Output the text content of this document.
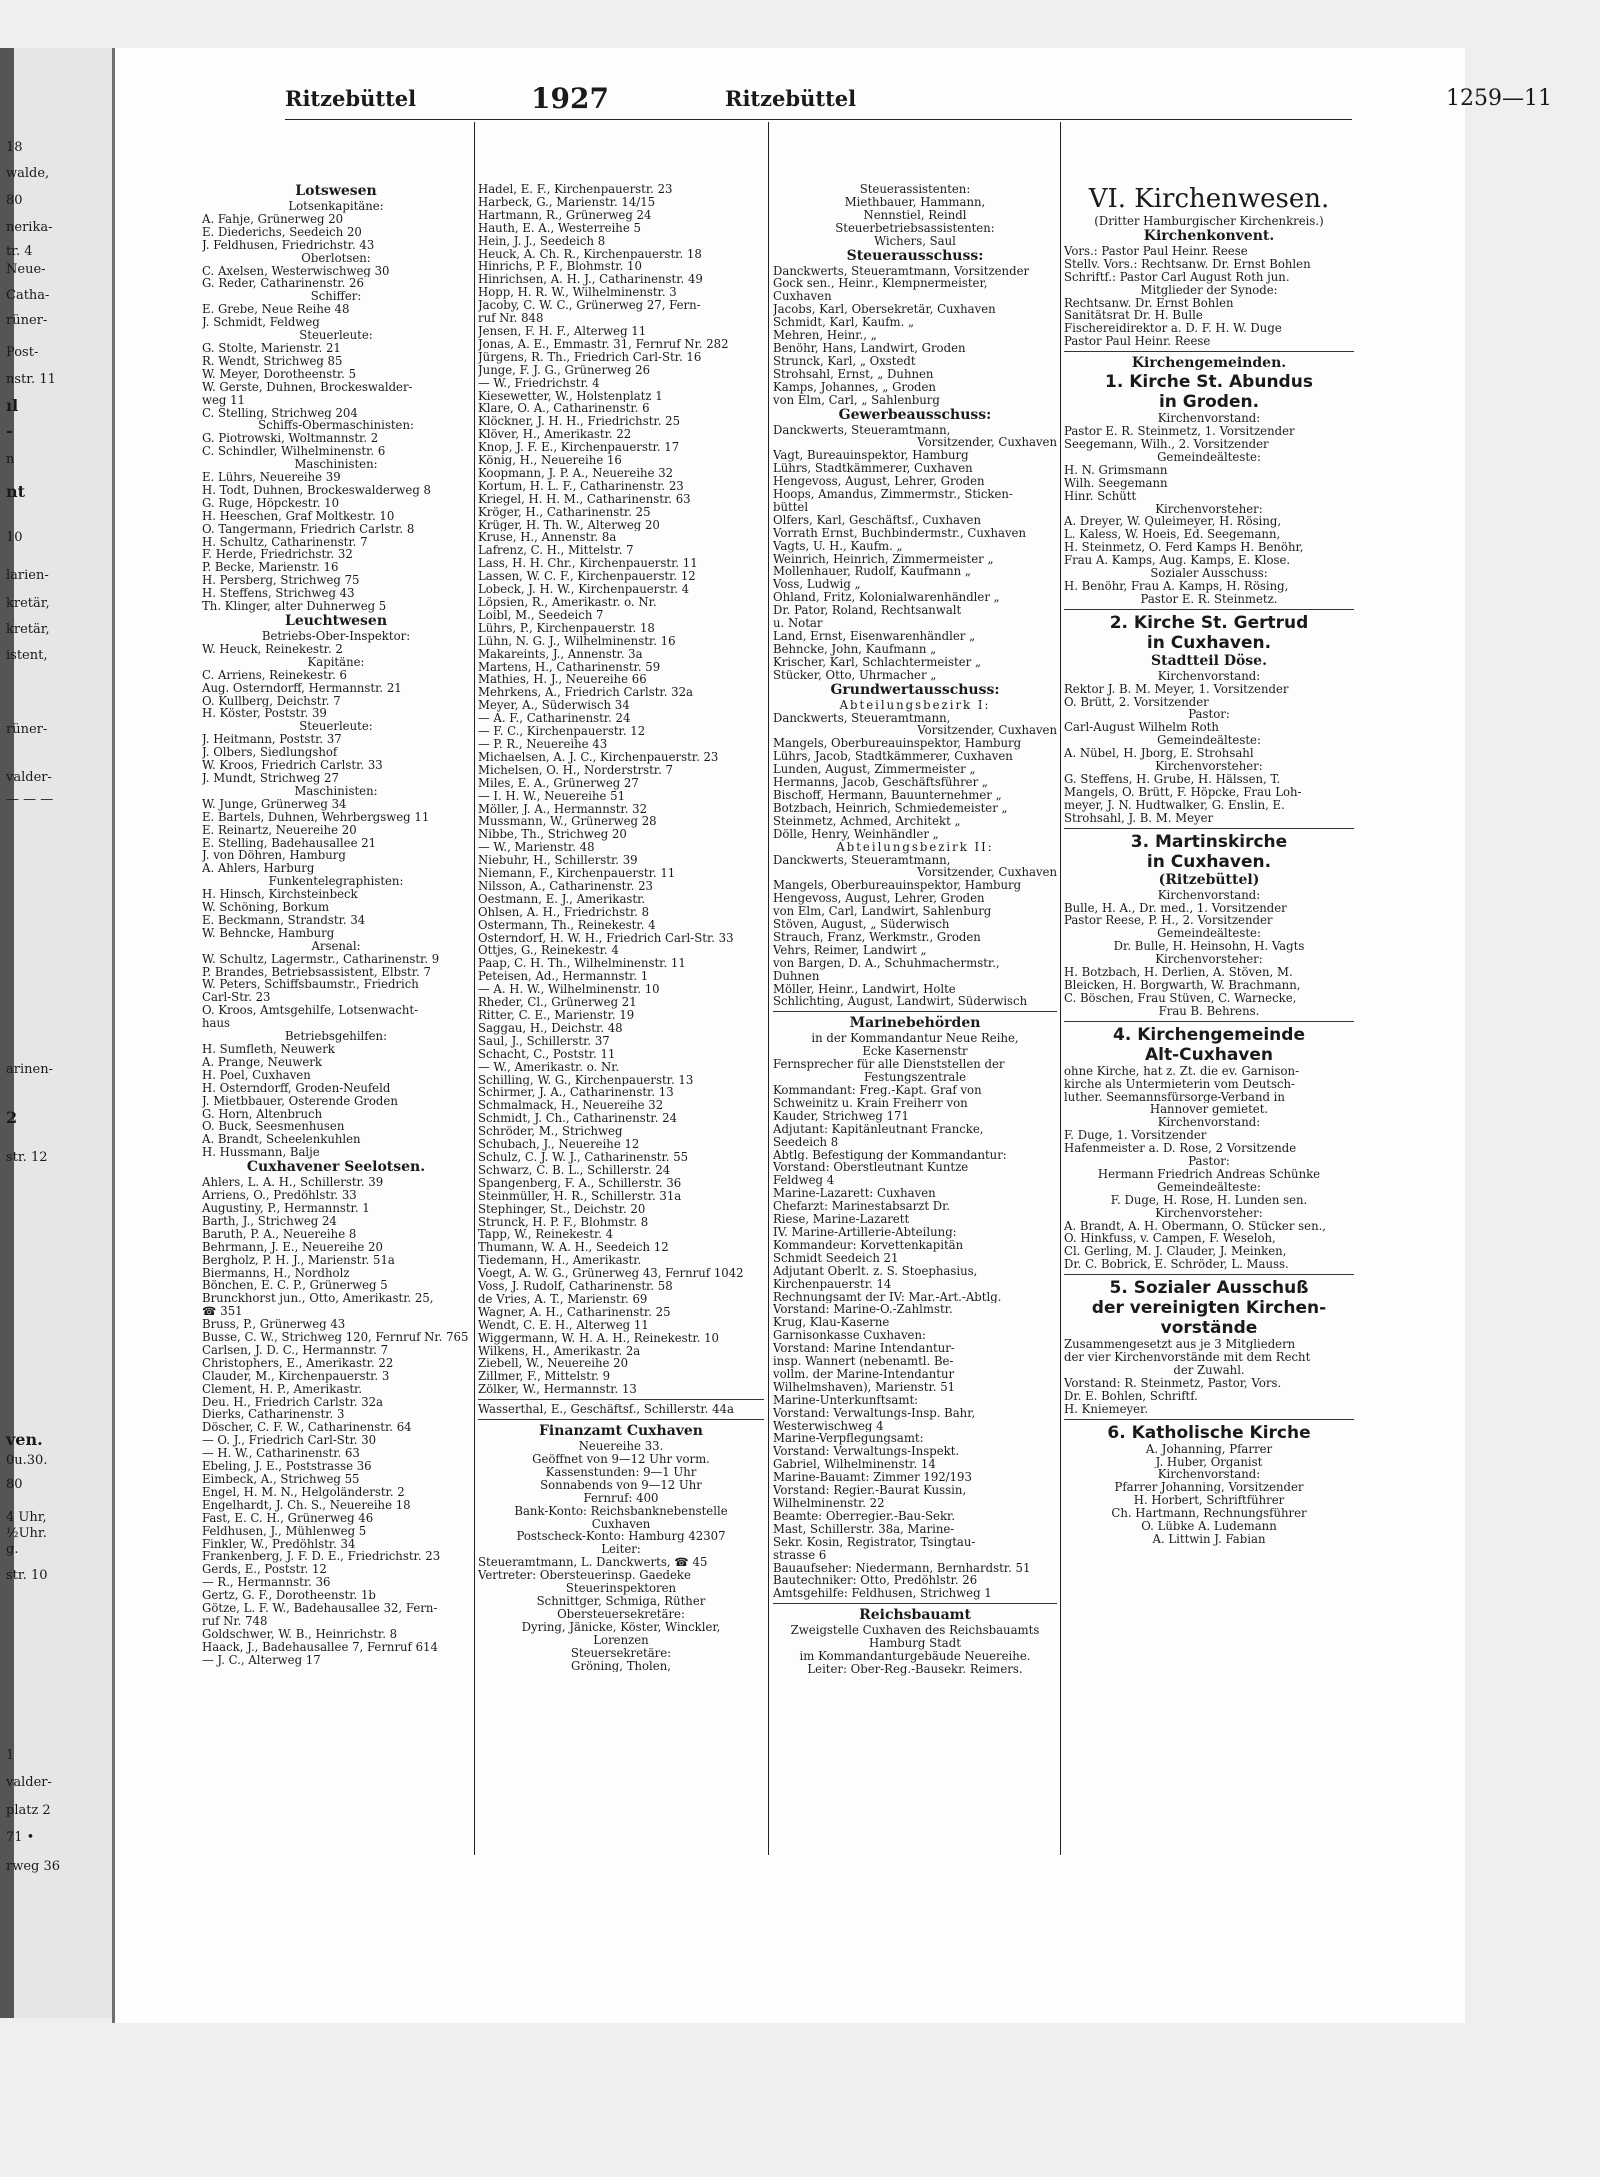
18
walde,
80
nerika-
tr. 4
Neue-
Catha-
rüner-
Post-
nstr. 11
ıl
-
n
nt
10
larien-
kretär,
kretär,
istent,
rüner-
valder-
— — —
arinen-
2
str. 12
ven.
0u.30.
80
4 Uhr,
½Uhr.
g.
str. 10
1
valder-
platz 2
71 •
rweg 36
Ritzebüttel	1927	Ritzebüttel	1259—11
Lotswesen
Lotsenkapitäne:
A. Fahje, Grünerweg 20
E. Diederichs, Seedeich 20
J. Feldhusen, Friedrichstr. 43
Oberlotsen:
C. Axelsen, Westerwischweg 30
G. Reder, Catharinenstr. 26
Schiffer:
E. Grebe, Neue Reihe 48
J. Schmidt, Feldweg
Steuerleute:
G. Stolte, Marienstr. 21
R. Wendt, Strichweg 85
W. Meyer, Dorotheenstr. 5
W. Gerste, Duhnen, Brockeswalder-
weg 11
C. Stelling, Strichweg 204
Schiffs-Obermaschinisten:
G. Piotrowski, Woltmannstr. 2
C. Schindler, Wilhelminenstr. 6
Maschinisten:
E. Lührs, Neuereihe 39
H. Todt, Duhnen, Brockeswalderweg 8
G. Ruge, Höpckestr. 10
H. Heeschen, Graf Moltkestr. 10
O. Tangermann, Friedrich Carlstr. 8
H. Schultz, Catharinenstr. 7
F. Herde, Friedrichstr. 32
P. Becke, Marienstr. 16
H. Persberg, Strichweg 75
H. Steffens, Strichweg 43
Th. Klinger, alter Duhnerweg 5
Leuchtwesen
Betriebs-Ober-Inspektor:
W. Heuck, Reinekestr. 2
Kapitäne:
C. Arriens, Reinekestr. 6
Aug. Osterndorff, Hermannstr. 21
O. Kullberg, Deichstr. 7
H. Köster, Poststr. 39
Steuerleute:
J. Heitmann, Poststr. 37
J. Olbers, Siedlungshof
W. Kroos, Friedrich Carlstr. 33
J. Mundt, Strichweg 27
Maschinisten:
W. Junge, Grünerweg 34
E. Bartels, Duhnen, Wehrbergsweg 11
E. Reinartz, Neuereihe 20
E. Stelling, Badehausallee 21
J. von Döhren, Hamburg
A. Ahlers, Harburg
Funkentelegraphisten:
H. Hinsch, Kirchsteinbeck
W. Schöning, Borkum
E. Beckmann, Strandstr. 34
W. Behncke, Hamburg
Arsenal:
W. Schultz, Lagermstr., Catharinenstr. 9
P. Brandes, Betriebsassistent, Elbstr. 7
W. Peters, Schiffsbaumstr., Friedrich
Carl-Str. 23
O. Kroos, Amtsgehilfe, Lotsenwacht-
haus
Betriebsgehilfen:
H. Sumfleth, Neuwerk
A. Prange, Neuwerk
H. Poel, Cuxhaven
H. Osterndorff, Groden-Neufeld
J. Mietbbauer, Osterende Groden
G. Horn, Altenbruch
O. Buck, Seesmenhusen
A. Brandt, Scheelenkuhlen
H. Hussmann, Balje
Cuxhavener Seelotsen.
Ahlers, L. A. H., Schillerstr. 39
Arriens, O., Predöhlstr. 33
Augustiny, P., Hermannstr. 1
Barth, J., Strichweg 24
Baruth, P. A., Neuereihe 8
Behrmann, J. E., Neuereihe 20
Bergholz, P. H. J., Marienstr. 51a
Biermanns, H., Nordholz
Bönchen, E. C. P., Grünerweg 5
Brunckhorst jun., Otto, Amerikastr. 25,
☎ 351
Bruss, P., Grünerweg 43
Busse, C. W., Strichweg 120, Fernruf Nr. 765
Carlsen, J. D. C., Hermannstr. 7
Christophers, E., Amerikastr. 22
Clauder, M., Kirchenpauerstr. 3
Clement, H. P., Amerikastr.
Deu. H., Friedrich Carlstr. 32a
Dierks, Catharinenstr. 3
Döscher, C. F. W., Catharinenstr. 64
— O. J., Friedrich Carl-Str. 30
— H. W., Catharinenstr. 63
Ebeling, J. E., Poststrasse 36
Eimbeck, A., Strichweg 55
Engel, H. M. N., Helgoländerstr. 2
Engelhardt, J. Ch. S., Neuereihe 18
Fast, E. C. H., Grünerweg 46
Feldhusen, J., Mühlenweg 5
Finkler, W., Predöhlstr. 34
Frankenberg, J. F. D. E., Friedrichstr. 23
Gerds, E., Poststr. 12
— R., Hermannstr. 36
Gertz, G. F., Dorotheenstr. 1b
Götze, L. F. W., Badehausallee 32, Fern-
ruf Nr. 748
Goldschwer, W. B., Heinrichstr. 8
Haack, J., Badehausallee 7, Fernruf 614
— J. C., Alterweg 17
Hadel, E. F., Kirchenpauerstr. 23
Harbeck, G., Marienstr. 14/15
Hartmann, R., Grünerweg 24
Hauth, E. A., Westerreihe 5
Hein, J. J., Seedeich 8
Heuck, A. Ch. R., Kirchenpauerstr. 18
Hinrichs, P. F., Blohmstr. 10
Hinrichsen, A. H. J., Catharinenstr. 49
Hopp, H. R. W., Wilhelminenstr. 3
Jacoby, C. W. C., Grünerweg 27, Fern-
ruf Nr. 848
Jensen, F. H. F., Alterweg 11
Jonas, A. E., Emmastr. 31, Fernruf Nr. 282
Jürgens, R. Th., Friedrich Carl-Str. 16
Junge, F. J. G., Grünerweg 26
— W., Friedrichstr. 4
Kiesewetter, W., Holstenplatz 1
Klare, O. A., Catharinenstr. 6
Klöckner, J. H. H., Friedrichstr. 25
Klöver, H., Amerikastr. 22
Knop, J. F. E., Kirchenpauerstr. 17
König, H., Neuereihe 16
Koopmann, J. P. A., Neuereihe 32
Kortum, H. L. F., Catharinenstr. 23
Kriegel, H. H. M., Catharinenstr. 63
Kröger, H., Catharinenstr. 25
Krüger, H. Th. W., Alterweg 20
Kruse, H., Annenstr. 8a
Lafrenz, C. H., Mittelstr. 7
Lass, H. H. Chr., Kirchenpauerstr. 11
Lassen, W. C. F., Kirchenpauerstr. 12
Lobeck, J. H. W., Kirchenpauerstr. 4
Löpsien, R., Amerikastr. o. Nr.
Loibl, M., Seedeich 7
Lührs, P., Kirchenpauerstr. 18
Lühn, N. G. J., Wilhelminenstr. 16
Makareints, J., Annenstr. 3a
Martens, H., Catharinenstr. 59
Mathies, H. J., Neuereihe 66
Mehrkens, A., Friedrich Carlstr. 32a
Meyer, A., Süderwisch 34
— A. F., Catharinenstr. 24
— F. C., Kirchenpauerstr. 12
— P. R., Neuereihe 43
Michaelsen, A. J. C., Kirchenpauerstr. 23
Michelsen, O. H., Norderstrstr. 7
Miles, E. A., Grünerweg 27
— I. H. W., Neuereihe 51
Möller, J. A., Hermannstr. 32
Mussmann, W., Grünerweg 28
Nibbe, Th., Strichweg 20
— W., Marienstr. 48
Niebuhr, H., Schillerstr. 39
Niemann, F., Kirchenpauerstr. 11
Nilsson, A., Catharinenstr. 23
Oestmann, E. J., Amerikastr.
Ohlsen, A. H., Friedrichstr. 8
Ostermann, Th., Reinekestr. 4
Osterndorf, H. W. H., Friedrich Carl-Str. 33
Ottjes, G., Reinekestr. 4
Paap, C. H. Th., Wilhelminenstr. 11
Peteisen, Ad., Hermannstr. 1
— A. H. W., Wilhelminenstr. 10
Rheder, Cl., Grünerweg 21
Ritter, C. E., Marienstr. 19
Saggau, H., Deichstr. 48
Saul, J., Schillerstr. 37
Schacht, C., Poststr. 11
— W., Amerikastr. o. Nr.
Schilling, W. G., Kirchenpauerstr. 13
Schirmer, J. A., Catharinenstr. 13
Schmalmack, H., Neuereihe 32
Schmidt, J. Ch., Catharinenstr. 24
Schröder, M., Strichweg
Schubach, J., Neuereihe 12
Schulz, C. J. W. J., Catharinenstr. 55
Schwarz, C. B. L., Schillerstr. 24
Spangenberg, F. A., Schillerstr. 36
Steinmüller, H. R., Schillerstr. 31a
Stephinger, St., Deichstr. 20
Strunck, H. P. F., Blohmstr. 8
Tapp, W., Reinekestr. 4
Thumann, W. A. H., Seedeich 12
Tiedemann, H., Amerikastr.
Voegt, A. W. G., Grünerweg 43, Fernruf 1042
Voss, J. Rudolf, Catharinenstr. 58
de Vries, A. T., Marienstr. 69
Wagner, A. H., Catharinenstr. 25
Wendt, C. E. H., Alterweg 11
Wiggermann, W. H. A. H., Reinekestr. 10
Wilkens, H., Amerikastr. 2a
Ziebell, W., Neuereihe 20
Zillmer, F., Mittelstr. 9
Zölker, W., Hermannstr. 13
Wasserthal, E., Geschäftsf., Schillerstr. 44a
Finanzamt Cuxhaven
Neuereihe 33.
Geöffnet von 9—12 Uhr vorm.
Kassenstunden: 9—1 Uhr
Sonnabends von 9—12 Uhr
Fernruf: 400
Bank-Konto: Reichsbanknebenstelle
Cuxhaven
Postscheck-Konto: Hamburg 42307
Leiter:
Steueramtmann, L. Danckwerts, ☎ 45
Vertreter: Obersteuerinsp. Gaedeke
Steuerinspektoren
Schnittger, Schmiga, Rüther
Obersteuersekretäre:
Dyring, Jänicke, Köster, Winckler,
Lorenzen
Steuersekretäre:
Gröning, Tholen,
Steuerassistenten:
Miethbauer, Hammann,
Nennstiel, Reindl
Steuerbetriebsassistenten:
Wichers, Saul
Steuerausschuss:
Danckwerts, Steueramtmann, Vorsitzender
Gock sen., Heinr., Klempnermeister,
Cuxhaven
Jacobs, Karl, Obersekretär, Cuxhaven
Schmidt, Karl, Kaufm. „
Mehren, Heinr., „
Benöhr, Hans, Landwirt, Groden
Strunck, Karl, „ Oxstedt
Strohsahl, Ernst, „ Duhnen
Kamps, Johannes, „ Groden
von Elm, Carl, „ Sahlenburg
Gewerbeausschuss:
Danckwerts, Steueramtmann,
Vorsitzender, Cuxhaven
Vagt, Bureauinspektor, Hamburg
Lührs, Stadtkämmerer, Cuxhaven
Hengevoss, August, Lehrer, Groden
Hoops, Amandus, Zimmermstr., Sticken-
büttel
Olfers, Karl, Geschäftsf., Cuxhaven
Vorrath Ernst, Buchbindermstr., Cuxhaven
Vagts, U. H., Kaufm. „
Weinrich, Heinrich, Zimmermeister „
Mollenhauer, Rudolf, Kaufmann „
Voss, Ludwig „
Ohland, Fritz, Kolonialwarenhändler „
Dr. Pator, Roland, Rechtsanwalt
u. Notar
Land, Ernst, Eisenwarenhändler „
Behncke, John, Kaufmann „
Krischer, Karl, Schlachtermeister „
Stücker, Otto, Uhrmacher „
Grundwertausschuss:
Abteilungsbezirk I:
Danckwerts, Steueramtmann,
Vorsitzender, Cuxhaven
Mangels, Oberbureauinspektor, Hamburg
Lührs, Jacob, Stadtkämmerer, Cuxhaven
Lunden, August, Zimmermeister „
Hermanns, Jacob, Geschäftsführer „
Bischoff, Hermann, Bauunternehmer „
Botzbach, Heinrich, Schmiedemeister „
Steinmetz, Achmed, Architekt „
Dölle, Henry, Weinhändler „
Abteilungsbezirk II:
Danckwerts, Steueramtmann,
Vorsitzender, Cuxhaven
Mangels, Oberbureauinspektor, Hamburg
Hengevoss, August, Lehrer, Groden
von Elm, Carl, Landwirt, Sahlenburg
Stöven, August, „ Süderwisch
Strauch, Franz, Werkmstr., Groden
Vehrs, Reimer, Landwirt „
von Bargen, D. A., Schuhmachermstr.,
Duhnen
Möller, Heinr., Landwirt, Holte
Schlichting, August, Landwirt, Süderwisch
Marinebehörden
in der Kommandantur Neue Reihe,
Ecke Kasernenstr
Fernsprecher für alle Dienststellen der
Festungszentrale
Kommandant: Freg.-Kapt. Graf von
Schweinitz u. Krain Freiherr von
Kauder, Strichweg 171
Adjutant: Kapitänleutnant Francke,
Seedeich 8
Abtlg. Befestigung der Kommandantur:
Vorstand: Oberstleutnant Kuntze
Feldweg 4
Marine-Lazarett: Cuxhaven
Chefarzt: Marinestabsarzt Dr.
Riese, Marine-Lazarett
IV. Marine-Artillerie-Abteilung:
Kommandeur: Korvettenkapitän
Schmidt Seedeich 21
Adjutant Oberlt. z. S. Stoephasius,
Kirchenpauerstr. 14
Rechnungsamt der IV: Mar.-Art.-Abtlg.
Vorstand: Marine-O.-Zahlmstr.
Krug, Klau-Kaserne
Garnisonkasse Cuxhaven:
Vorstand: Marine Intendantur-
insp. Wannert (nebenamtl. Be-
vollm. der Marine-Intendantur
Wilhelmshaven), Marienstr. 51
Marine-Unterkunftsamt:
Vorstand: Verwaltungs-Insp. Bahr,
Westerwischweg 4
Marine-Verpflegungsamt:
Vorstand: Verwaltungs-Inspekt.
Gabriel, Wilhelminenstr. 14
Marine-Bauamt: Zimmer 192/193
Vorstand: Regier.-Baurat Kussin,
Wilhelminenstr. 22
Beamte: Oberregier.-Bau-Sekr.
Mast, Schillerstr. 38a, Marine-
Sekr. Kosin, Registrator, Tsingtau-
strasse 6
Bauaufseher: Niedermann, Bernhardstr. 51
Bautechniker: Otto, Predöhlstr. 26
Amtsgehilfe: Feldhusen, Strichweg 1
Reichsbauamt
Zweigstelle Cuxhaven des Reichsbauamts
Hamburg Stadt
im Kommandanturgebäude Neuereihe.
Leiter: Ober-Reg.-Bausekr. Reimers.
VI. Kirchenwesen.
(Dritter Hamburgischer Kirchenkreis.)
Kirchenkonvent.
Vors.: Pastor Paul Heinr. Reese
Stellv. Vors.: Rechtsanw. Dr. Ernst Bohlen
Schriftf.: Pastor Carl August Roth jun.
Mitglieder der Synode:
Rechtsanw. Dr. Ernst Bohlen
Sanitätsrat Dr. H. Bulle
Fischereidirektor a. D. F. H. W. Duge
Pastor Paul Heinr. Reese
Kirchengemeinden.
1. Kirche St. Abundus
in Groden.
Kirchenvorstand:
Pastor E. R. Steinmetz, 1. Vorsitzender
Seegemann, Wilh., 2. Vorsitzender
Gemeindeälteste:
H. N. Grimsmann
Wilh. Seegemann
Hinr. Schütt
Kirchenvorsteher:
A. Dreyer, W. Quleimeyer, H. Rösing,
L. Kaless, W. Hoeis, Ed. Seegemann,
H. Steinmetz, O. Ferd Kamps H. Benöhr,
Frau A. Kamps, Aug. Kamps, E. Klose.
Sozialer Ausschuss:
H. Benöhr, Frau A. Kamps, H. Rösing,
Pastor E. R. Steinmetz.
2. Kirche St. Gertrud
in Cuxhaven.
Stadtteil Döse.
Kirchenvorstand:
Rektor J. B. M. Meyer, 1. Vorsitzender
O. Brütt, 2. Vorsitzender
Pastor:
Carl-August Wilhelm Roth
Gemeindeälteste:
A. Nübel, H. Jborg, E. Strohsahl
Kirchenvorsteher:
G. Steffens, H. Grube, H. Hälssen, T.
Mangels, O. Brütt, F. Höpcke, Frau Loh-
meyer, J. N. Hudtwalker, G. Enslin, E.
Strohsahl, J. B. M. Meyer
3. Martinskirche
in Cuxhaven.
(Ritzebüttel)
Kirchenvorstand:
Bulle, H. A., Dr. med., 1. Vorsitzender
Pastor Reese, P. H., 2. Vorsitzender
Gemeindeälteste:
Dr. Bulle, H. Heinsohn, H. Vagts
Kirchenvorsteher:
H. Botzbach, H. Derlien, A. Stöven, M.
Bleicken, H. Borgwarth, W. Brachmann,
C. Böschen, Frau Stüven, C. Warnecke,
Frau B. Behrens.
4. Kirchengemeinde
Alt-Cuxhaven
ohne Kirche, hat z. Zt. die ev. Garnison-
kirche als Untermieterin vom Deutsch-
luther. Seemannsfürsorge-Verband in
Hannover gemietet.
Kirchenvorstand:
F. Duge, 1. Vorsitzender
Hafenmeister a. D. Rose, 2 Vorsitzende
Pastor:
Hermann Friedrich Andreas Schünke
Gemeindeälteste:
F. Duge, H. Rose, H. Lunden sen.
Kirchenvorsteher:
A. Brandt, A. H. Obermann, O. Stücker sen.,
O. Hinkfuss, v. Campen, F. Weseloh,
Cl. Gerling, M. J. Clauder, J. Meinken,
Dr. C. Bobrick, E. Schröder, L. Mauss.
5. Sozialer Ausschuß
der vereinigten Kirchen-
vorstände
Zusammengesetzt aus je 3 Mitgliedern
der vier Kirchenvorstände mit dem Recht
der Zuwahl.
Vorstand: R. Steinmetz, Pastor, Vors.
Dr. E. Bohlen, Schriftf.
H. Kniemeyer.
6. Katholische Kirche
A. Johanning, Pfarrer
J. Huber, Organist
Kirchenvorstand:
Pfarrer Johanning, Vorsitzender
H. Horbert, Schriftführer
Ch. Hartmann, Rechnungsführer
O. Lübke A. Ludemann
A. Littwin J. Fabian
